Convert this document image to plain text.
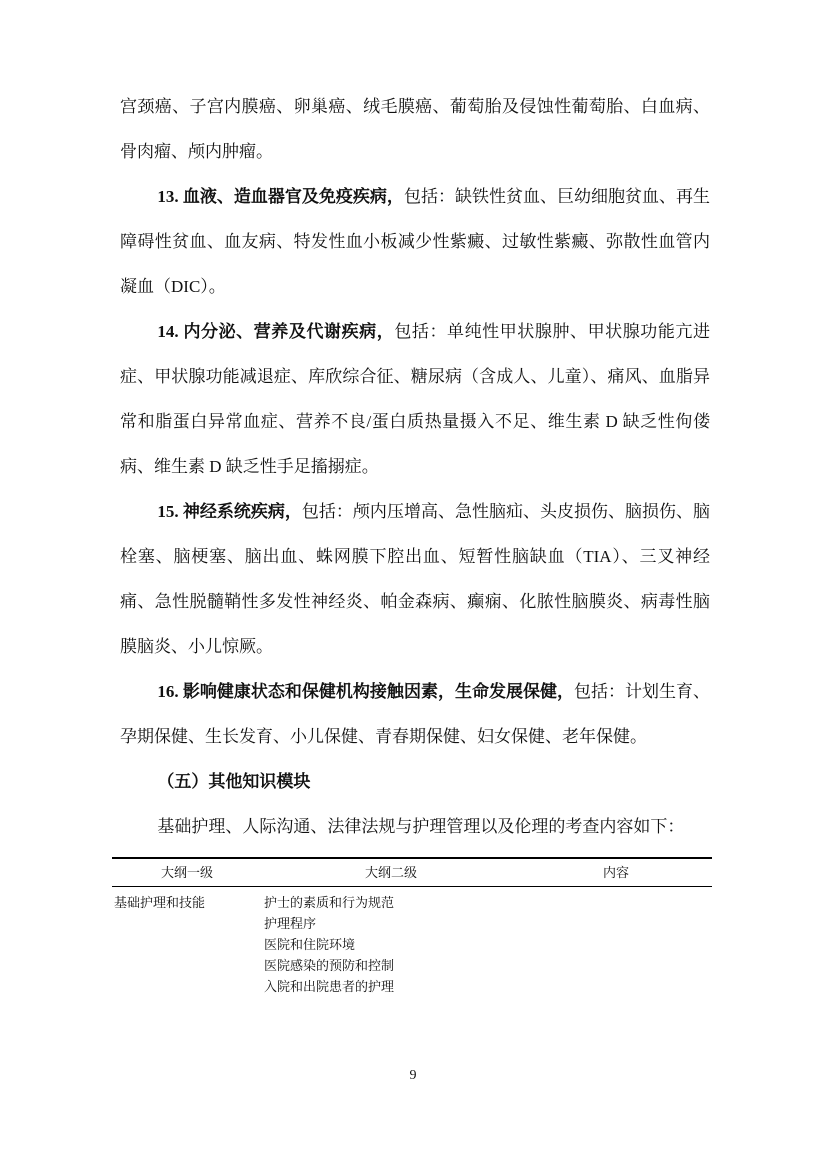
宫颈癌、子宫内膜癌、卵巢癌、绒毛膜癌、葡萄胎及侵蚀性葡萄胎、白血病、骨肉瘤、颅内肿瘤。

13. 血液、造血器官及免疫疾病，包括：缺铁性贫血、巨幼细胞贫血、再生障碍性贫血、血友病、特发性血小板减少性紫癜、过敏性紫癜、弥散性血管内凝血（DIC）。

14. 内分泌、营养及代谢疾病，包括：单纯性甲状腺肿、甲状腺功能亢进症、甲状腺功能减退症、库欣综合征、糖尿病（含成人、儿童）、痛风、血脂异常和脂蛋白异常血症、营养不良/蛋白质热量摄入不足、维生素 D 缺乏性佝偻病、维生素 D 缺乏性手足搐搦症。

15. 神经系统疾病，包括：颅内压增高、急性脑疝、头皮损伤、脑损伤、脑栓塞、脑梗塞、脑出血、蛛网膜下腔出血、短暂性脑缺血（TIA）、三叉神经痛、急性脱髓鞘性多发性神经炎、帕金森病、癫痫、化脓性脑膜炎、病毒性脑膜脑炎、小儿惊厥。

16. 影响健康状态和保健机构接触因素，生命发展保健，包括：计划生育、孕期保健、生长发育、小儿保健、青春期保健、妇女保健、老年保健。

（五）其他知识模块

基础护理、人际沟通、法律法规与护理管理以及伦理的考查内容如下：

大纲一级	大纲二级	内容
基础护理和技能	护士的素质和行为规范
护理程序
医院和住院环境
医院感染的预防和控制
入院和出院患者的护理	

9
